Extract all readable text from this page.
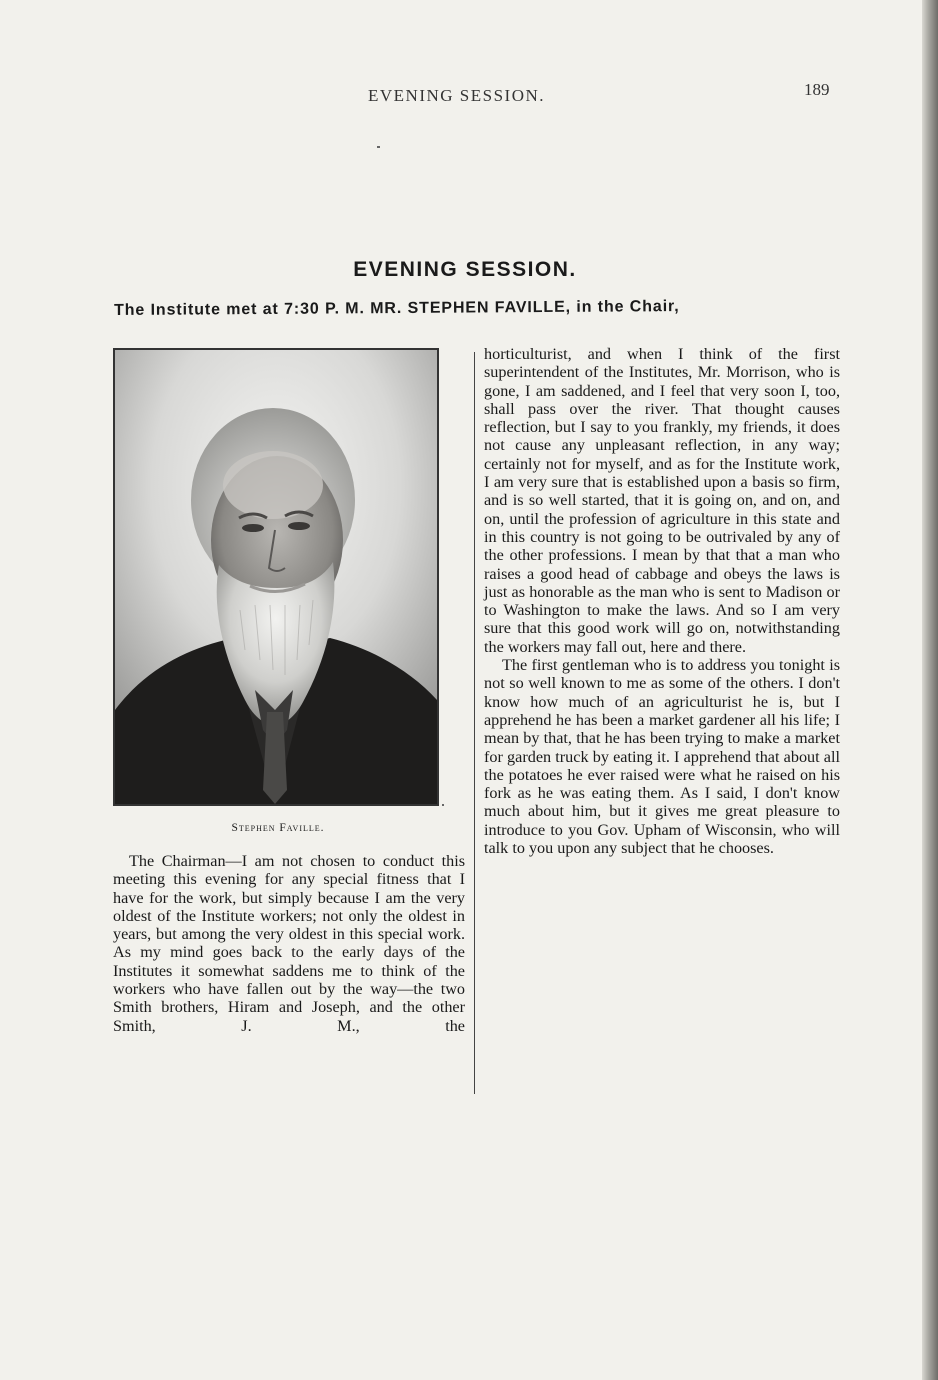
EVENING SESSION.	189
EVENING SESSION.
The Institute met at 7:30 P. M. MR. STEPHEN FAVILLE, in the Chair,
Stephen Faville.

The Chairman—I am not chosen to conduct this meeting this evening for any special fitness that I have for the work, but simply because I am the very oldest of the Institute workers; not only the oldest in years, but among the very oldest in this special work. As my mind goes back to the early days of the Institutes it somewhat saddens me to think of the workers who have fallen out by the way—the two Smith brothers, Hiram and Joseph, and the other Smith, J. M., the

horticulturist, and when I think of the first superintendent of the Institutes, Mr. Morrison, who is gone, I am saddened, and I feel that very soon I, too, shall pass over the river. That thought causes reflection, but I say to you frankly, my friends, it does not cause any unpleasant reflection, in any way; certainly not for myself, and as for the Institute work, I am very sure that is established upon a basis so firm, and is so well started, that it is going on, and on, and on, until the profession of agriculture in this state and in this country is not going to be outrivaled by any of the other professions. I mean by that that a man who raises a good head of cabbage and obeys the laws is just as honorable as the man who is sent to Madison or to Washington to make the laws. And so I am very sure that this good work will go on, notwithstanding the workers may fall out, here and there.

The first gentleman who is to address you tonight is not so well known to me as some of the others. I don't know how much of an agriculturist he is, but I apprehend he has been a market gardener all his life; I mean by that, that he has been trying to make a market for garden truck by eating it. I apprehend that about all the potatoes he ever raised were what he raised on his fork as he was eating them. As I said, I don't know much about him, but it gives me great pleasure to introduce to you Gov. Upham of Wisconsin, who will talk to you upon any subject that he chooses.
